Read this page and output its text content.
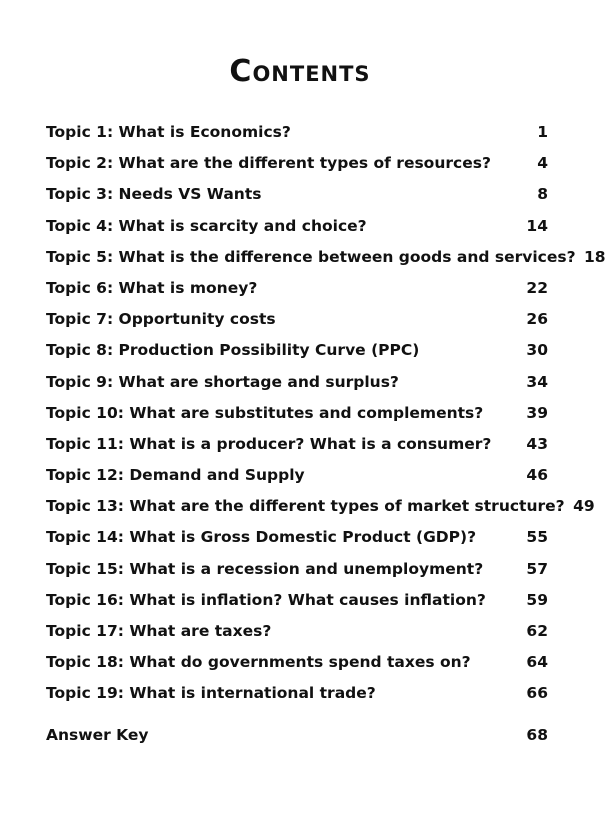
Contents
Topic 1: What is Economics?	1
Topic 2: What are the different types of resources?	4
Topic 3: Needs VS Wants	8
Topic 4: What is scarcity and choice?	14
Topic 5: What is the difference between goods and services? 18
Topic 6: What is money?	22
Topic 7: Opportunity costs	26
Topic 8: Production Possibility Curve (PPC)	30
Topic 9: What are shortage and surplus?	34
Topic 10: What are substitutes and complements?	39
Topic 11: What is a producer? What is a consumer?	43
Topic 12: Demand and Supply	46
Topic 13: What are the different types of market structure? 49
Topic 14: What is Gross Domestic Product (GDP)?	55
Topic 15: What is a recession and unemployment?	57
Topic 16: What is inflation? What causes inflation?	59
Topic 17: What are taxes?	62
Topic 18: What do governments spend taxes on?	64
Topic 19: What is international trade?	66
Answer Key	68
